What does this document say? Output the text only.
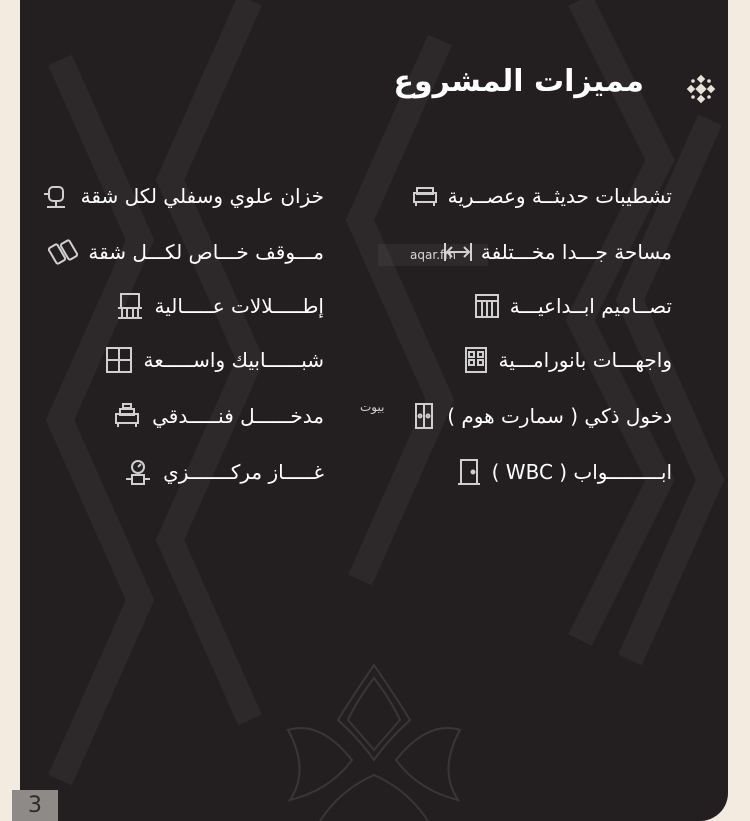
مميزات المشروع
تشطيبات حديثــة وعصــرية
مساحة جـــدا مخـــتلفة
تصــاميم ابــداعيـــة
واجهـــات بانورامـــية
دخول ذكي ( سمارت هوم )
ابـــــــــواب ( WBC )
خزان علوي وسفلي لكل شقة
مـــوقف خـــاص لكـــل شقة
إطـــــلالات عـــــالية
شبــــــابيك واســـــعة
مدخــــــل فنـــــدقي
غـــــاز مركـــــــزي
aqar.fm
بيوت
3
